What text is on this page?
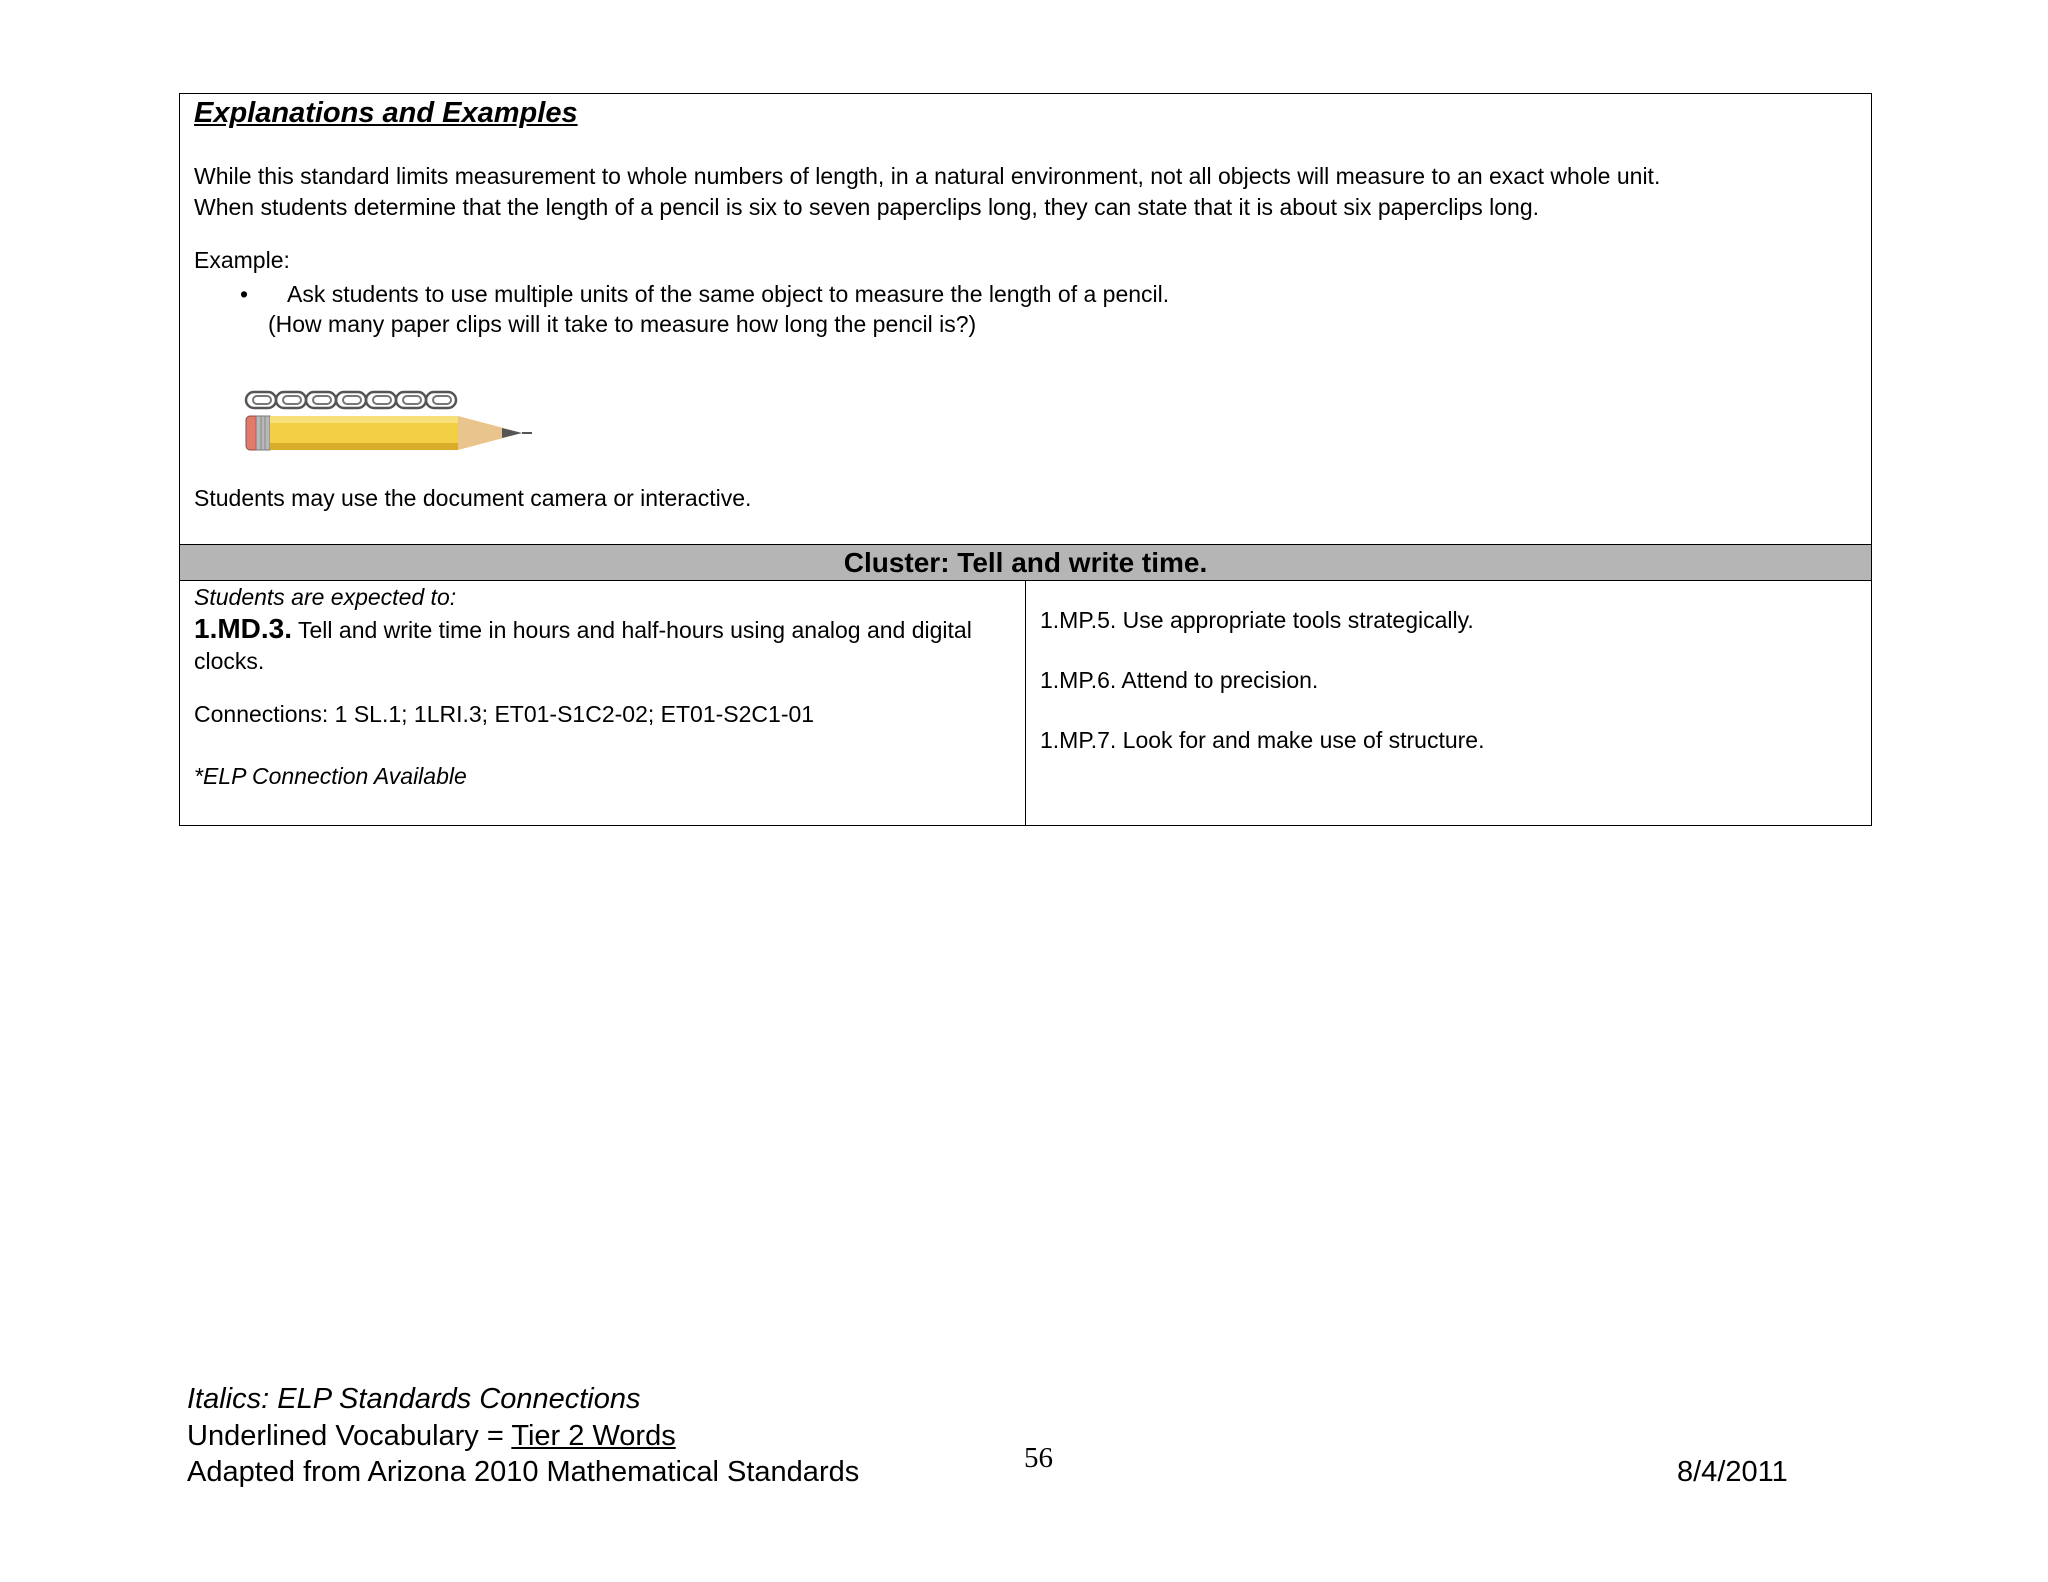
Explanations and Examples
While this standard limits measurement to whole numbers of length, in a natural environment, not all objects will measure to an exact whole unit.
When students determine that the length of a pencil is six to seven paperclips long, they can state that it is about six paperclips long.
Example:
• Ask students to use multiple units of the same object to measure the length of a pencil.
(How many paper clips will it take to measure how long the pencil is?)
Students may use the document camera or interactive.
Cluster: Tell and write time.
Students are expected to:
1.MD.3. Tell and write time in hours and half-hours using analog and digital clocks.
Connections: 1 SL.1; 1LRI.3; ET01-S1C2-02; ET01-S2C1-01
*ELP Connection Available
1.MP.5. Use appropriate tools strategically.
1.MP.6. Attend to precision.
1.MP.7. Look for and make use of structure.
Italics: ELP Standards Connections
Underlined Vocabulary = Tier 2 Words
Adapted from Arizona 2010 Mathematical Standards	56	8/4/2011
